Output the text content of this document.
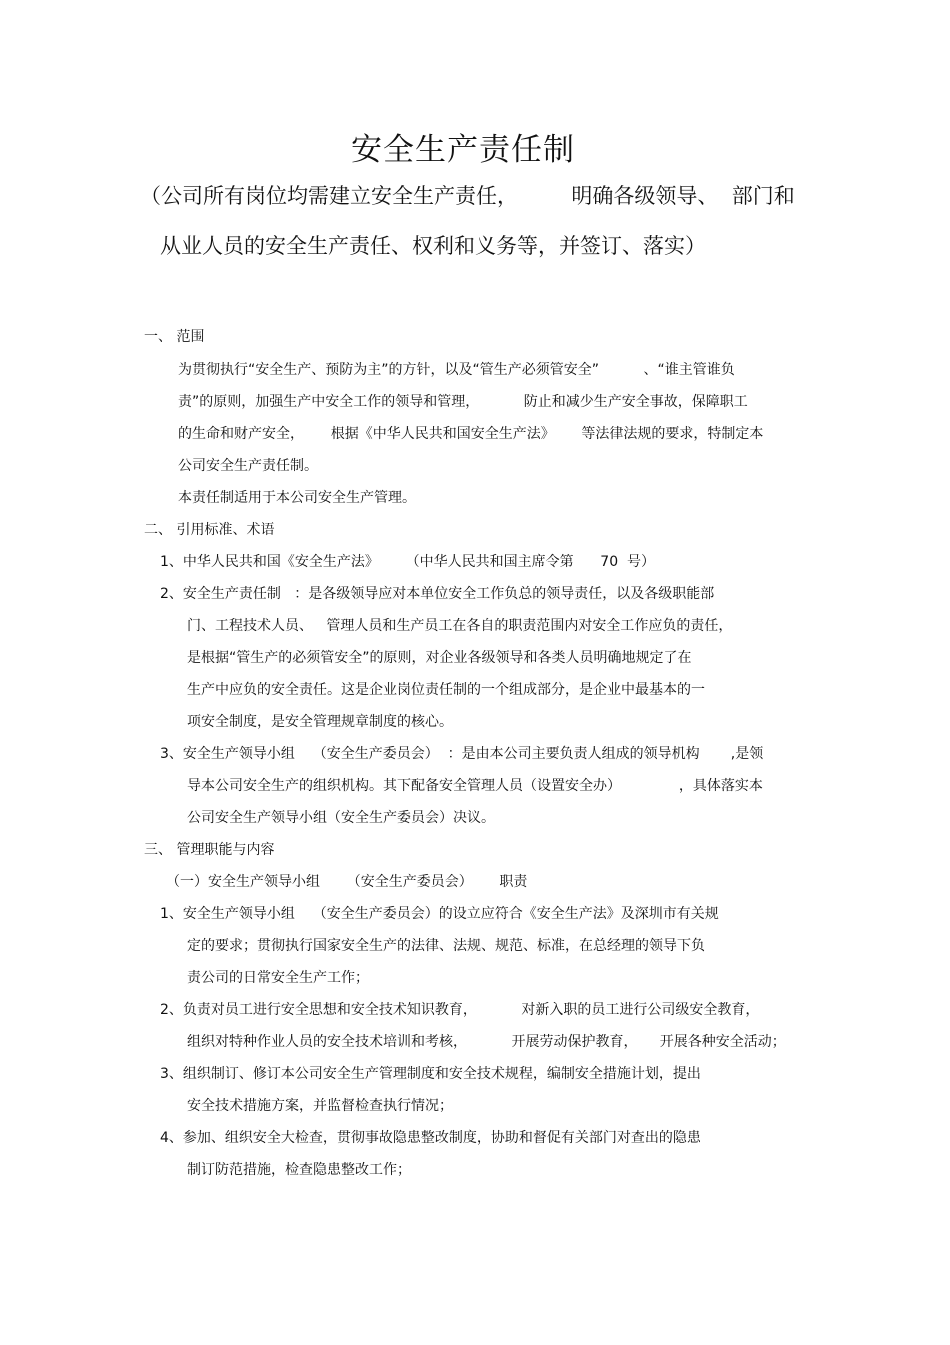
安全生产责任制
（公司所有岗位均需建立安全生产责任，        明确各级领导、  部门和
从业人员的安全生产责任、权利和义务等，并签订、落实）
一、 范围
为贯彻执行“安全生产、预防为主”的方针，以及“管生产必须管安全”          、“谁主管谁负
责”的原则，加强生产中安全工作的领导和管理，          防止和减少生产安全事故，保障职工
的生命和财产安全，      根据《中华人民共和国安全生产法》      等法律法规的要求，特制定本
公司安全生产责任制。
本责任制适用于本公司安全生产管理。
二、 引用标准、术语
1、中华人民共和国《安全生产法》      （中华人民共和国主席令第      70  号）
2、安全生产责任制   ：是各级领导应对本单位安全工作负总的领导责任，以及各级职能部
门、工程技术人员、   管理人员和生产员工在各自的职责范围内对安全工作应负的责任，
是根据“管生产的必须管安全”的原则，对企业各级领导和各类人员明确地规定了在
生产中应负的安全责任。这是企业岗位责任制的一个组成部分，是企业中最基本的一
项安全制度，是安全管理规章制度的核心。
3、安全生产领导小组    （安全生产委员会）  ：是由本公司主要负责人组成的领导机构       ,是领
导本公司安全生产的组织机构。其下配备安全管理人员（设置安全办）             ，具体落实本
公司安全生产领导小组（安全生产委员会）决议。
三、 管理职能与内容
（一）安全生产领导小组      （安全生产委员会）      职责
1、安全生产领导小组    （安全生产委员会）的设立应符合《安全生产法》及深圳市有关规
定的要求；贯彻执行国家安全生产的法律、法规、规范、标准，在总经理的领导下负
责公司的日常安全生产工作；
2、负责对员工进行安全思想和安全技术知识教育，          对新入职的员工进行公司级安全教育，
组织对特种作业人员的安全技术培训和考核，          开展劳动保护教育，     开展各种安全活动；
3、组织制订、修订本公司安全生产管理制度和安全技术规程，编制安全措施计划，提出
安全技术措施方案，并监督检查执行情况；
4、参加、组织安全大检查，贯彻事故隐患整改制度，协助和督促有关部门对查出的隐患
制订防范措施，检查隐患整改工作；
